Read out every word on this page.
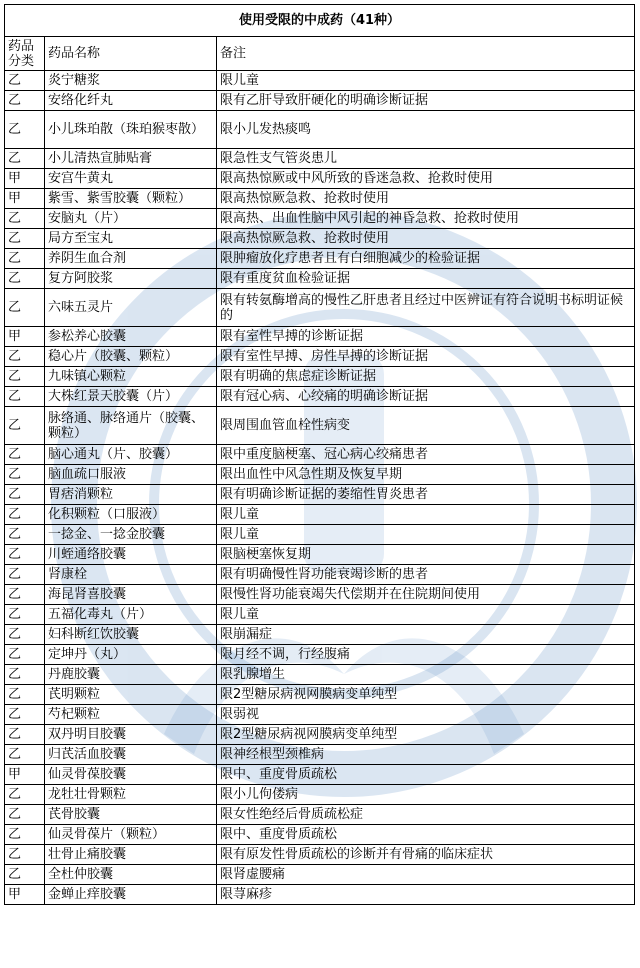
使用受限的中成药（41种）		
药品
分类	药品名称	备注
乙	炎宁糖浆	限儿童
乙	安络化纤丸	限有乙肝导致肝硬化的明确诊断证据
乙	小儿珠珀散（珠珀猴枣散）	限小儿发热痰鸣
乙	小儿清热宣肺贴膏	限急性支气管炎患儿
甲	安宫牛黄丸	限高热惊厥或中风所致的昏迷急救、抢救时使用
甲	紫雪、紫雪胶囊（颗粒）	限高热惊厥急救、抢救时使用
乙	安脑丸（片）	限高热、出血性脑中风引起的神昏急救、抢救时使用
乙	局方至宝丸	限高热惊厥急救、抢救时使用
乙	养阴生血合剂	限肿瘤放化疗患者且有白细胞减少的检验证据
乙	复方阿胶浆	限有重度贫血检验证据
乙	六味五灵片	限有转氨酶增高的慢性乙肝患者且经过中医辨证有符合说明书标明证候的
甲	参松养心胶囊	限有室性早搏的诊断证据
乙	稳心片（胶囊、颗粒）	限有室性早搏、房性早搏的诊断证据
乙	九味镇心颗粒	限有明确的焦虑症诊断证据
乙	大株红景天胶囊（片）	限有冠心病、心绞痛的明确诊断证据
乙	脉络通、脉络通片（胶囊、颗粒）	限周围血管血栓性病变
乙	脑心通丸（片、胶囊）	限中重度脑梗塞、冠心病心绞痛患者
乙	脑血疏口服液	限出血性中风急性期及恢复早期
乙	胃痞消颗粒	限有明确诊断证据的萎缩性胃炎患者
乙	化积颗粒（口服液）	限儿童
乙	一捻金、一捻金胶囊	限儿童
乙	川蛭通络胶囊	限脑梗塞恢复期
乙	肾康栓	限有明确慢性肾功能衰竭诊断的患者
乙	海昆肾喜胶囊	限慢性肾功能衰竭失代偿期并在住院期间使用
乙	五福化毒丸（片）	限儿童
乙	妇科断红饮胶囊	限崩漏症
乙	定坤丹（丸）	限月经不调，行经腹痛
乙	丹鹿胶囊	限乳腺增生
乙	芪明颗粒	限2型糖尿病视网膜病变单纯型
乙	芍杞颗粒	限弱视
乙	双丹明目胶囊	限2型糖尿病视网膜病变单纯型
乙	归芪活血胶囊	限神经根型颈椎病
甲	仙灵骨葆胶囊	限中、重度骨质疏松
乙	龙牡壮骨颗粒	限小儿佝偻病
乙	芪骨胶囊	限女性绝经后骨质疏松症
乙	仙灵骨葆片（颗粒）	限中、重度骨质疏松
乙	壮骨止痛胶囊	限有原发性骨质疏松的诊断并有骨痛的临床症状
乙	全杜仲胶囊	限肾虚腰痛
甲	金蝉止痒胶囊	限荨麻疹
